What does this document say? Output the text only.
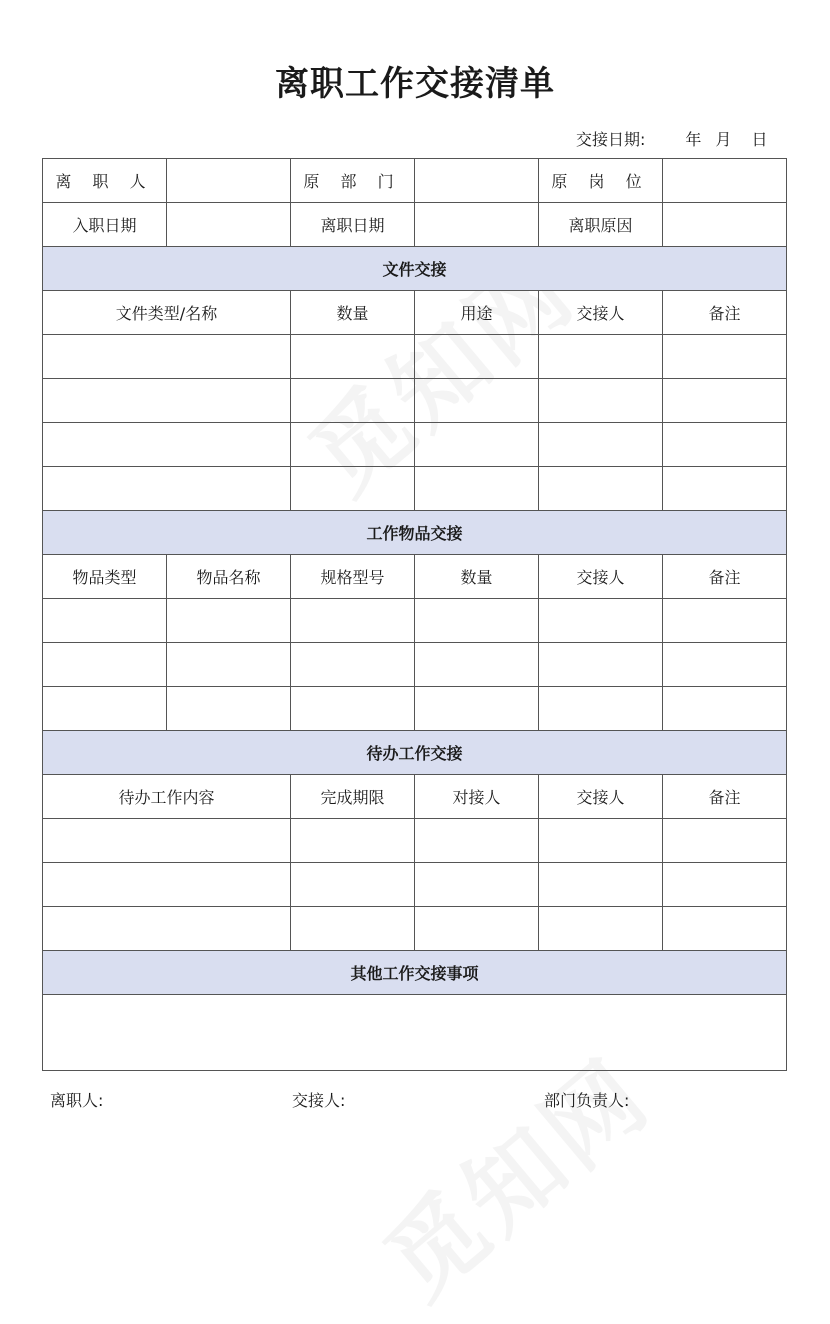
离职工作交接清单
交接日期:	年 月 日
离 职 人		原 部 门		原 岗 位	
入职日期		离职日期		离职原因	
文件交接					
文件类型/名称		数量	用途	交接人	备注

工作物品交接					
物品类型	物品名称	规格型号	数量	交接人	备注

待办工作交接					
待办工作内容		完成期限	对接人	交接人	备注

其他工作交接事项					

离职人:	交接人:	部门负责人:
